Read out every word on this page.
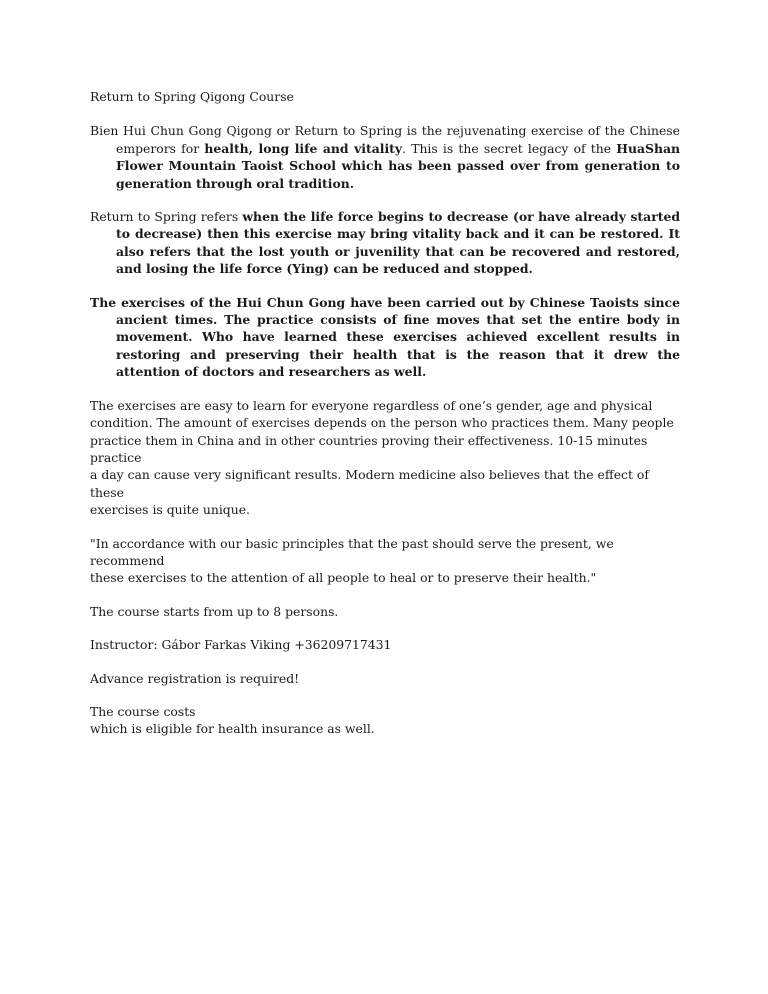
Return to Spring Qigong Course
Bien Hui Chun Gong Qigong or Return to Spring is the rejuvenating exercise of the Chinese emperors for health, long life and vitality. This is the secret legacy of the HuaShan Flower Mountain Taoist School which has been passed over from generation to generation through oral tradition.
Return to Spring refers when the life force begins to decrease (or have already started to decrease) then this exercise may bring vitality back and it can be restored. It also refers that the lost youth or juvenility that can be recovered and restored, and losing the life force (Ying) can be reduced and stopped.
The exercises of the Hui Chun Gong have been carried out by Chinese Taoists since ancient times. The practice consists of fine moves that set the entire body in movement. Who have learned these exercises achieved excellent results in restoring and preserving their health that is the reason that it drew the attention of doctors and researchers as well.
The exercises are easy to learn for everyone regardless of one’s gender, age and physical
condition. The amount of exercises depends on the person who practices them. Many people
practice them in China and in other countries proving their effectiveness. 10-15 minutes practice
a day can cause very significant results. Modern medicine also believes that the effect of these
exercises is quite unique.
"In accordance with our basic principles that the past should serve the present, we recommend
these exercises to the attention of all people to heal or to preserve their health."
The course starts from up to 8 persons.
Instructor: Gábor Farkas Viking +36209717431
Advance registration is required!
The course costs
which is eligible for health insurance as well.
